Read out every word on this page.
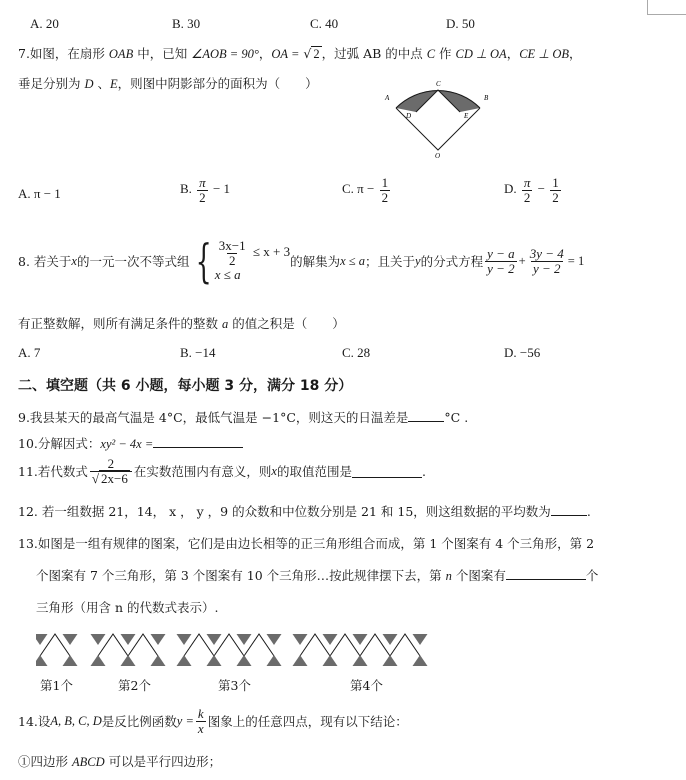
A. 20	B. 30	C. 40	D. 50
7.如图，在扇形 OAB 中，已知 ∠AOB = 90°，OA = √ 2 ，过弧 AB 的中点 C 作 CD ⊥ OA，CE ⊥ OB，
垂足分别为 D 、E，则图中阴影部分的面积为（　　）	C
A	B
D	E
O
A. π − 1	B. $\frac{\pi}{2} - 1$	C. $\pi - \frac{1}{2}$	D. $\frac{\pi}{2} - \frac{1}{2}$
8. 若关于 x 的一元一次不等式组 { $\frac{3x-1}{2} \le x + 3$
x ≤ a
的解集为 x ≤ a ；且关于 y 的分式方程 $\frac{y - a}{y - 2} + \frac{3y - 4}{y - 2} = 1$
有正整数解，则所有满足条件的整数 a 的值之积是（　　）
A. 7	B. −14	C. 28	D. −56
二、填空题（共 6 小题，每小题 3 分，满分 18 分）
9.我县某天的最高气温是 4°C，最低气温是 −1°C，则这天的日温差是	°C .
10.分解因式：xy² − 4x =
11.若代数式 $\frac{2}{√ 2x-6}$ 在实数范围内有意义，则 x 的取值范围是	.
12. 若一组数据 21，14， x ， y ，9 的众数和中位数分别是 21 和 15，则这组数据的平均数为	.
13.如图是一组有规律的图案，它们是由边长相等的正三角形组合而成，第 1 个图案有 4 个三角形，第 2
个图案有 7 个三角形，第 3 个图案有 10 个三角形…按此规律摆下去，第 n 个图案有	个
三角形（用含 n 的代数式表示）.
第1个	第2个	第3个	第4个
14.设 A, B, C, D 是反比例函数 $y = \frac{k}{x}$ 图象上的任意四点，现有以下结论：
①四边形 ABCD 可以是平行四边形；
